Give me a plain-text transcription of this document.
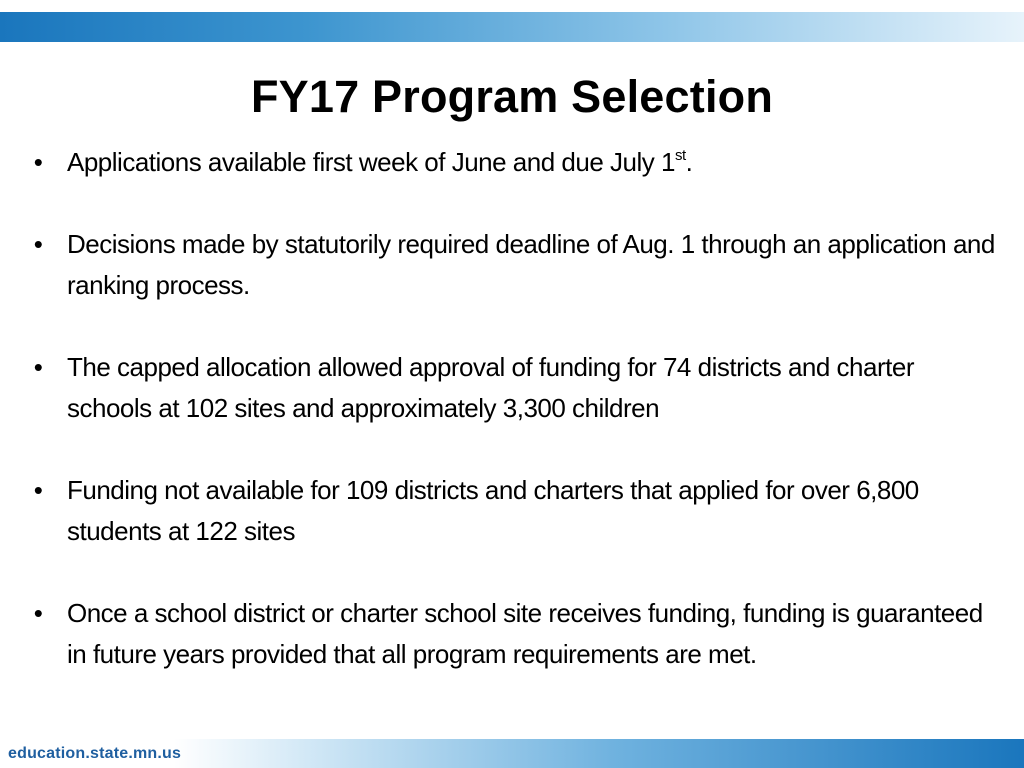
FY17 Program Selection
•
Applications available first week of June and due July 1st.
•
Decisions made by statutorily required deadline of Aug. 1 through an application and ranking process.
•
The capped allocation allowed approval of funding for 74 districts and charter schools at 102 sites and approximately 3,300 children
•
Funding not available for 109 districts and charters that applied for over 6,800 students at 122 sites
•
Once a school district or charter school site receives funding, funding is guaranteed in future years provided that all program requirements are met.
education.state.mn.us
